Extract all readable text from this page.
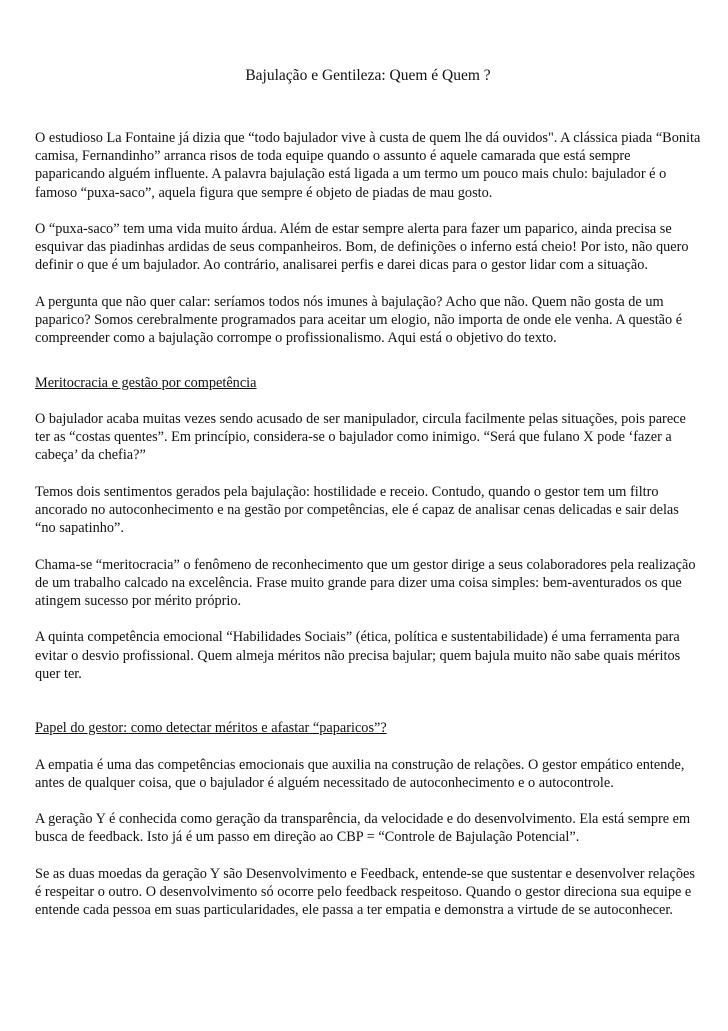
Bajulação e Gentileza: Quem é Quem ?

O estudioso La Fontaine já dizia que “todo bajulador vive à custa de quem lhe dá ouvidos". A clássica piada “Bonita camisa, Fernandinho” arranca risos de toda equipe quando o assunto é aquele camarada que está sempre paparicando alguém influente. A palavra bajulação está ligada a um termo um pouco mais chulo: bajulador é o famoso “puxa-saco”, aquela figura que sempre é objeto de piadas de mau gosto.

O “puxa-saco” tem uma vida muito árdua. Além de estar sempre alerta para fazer um paparico, ainda precisa se esquivar das piadinhas ardidas de seus companheiros. Bom, de definições o inferno está cheio! Por isto, não quero definir o que é um bajulador. Ao contrário, analisarei perfis e darei dicas para o gestor lidar com a situação.

A pergunta que não quer calar: seríamos todos nós imunes à bajulação? Acho que não. Quem não gosta de um paparico? Somos cerebralmente programados para aceitar um elogio, não importa de onde ele venha. A questão é compreender como a bajulação corrompe o profissionalismo. Aqui está o objetivo do texto.

Meritocracia e gestão por competência

O bajulador acaba muitas vezes sendo acusado de ser manipulador, circula facilmente pelas situações, pois parece ter as “costas quentes”. Em princípio, considera-se o bajulador como inimigo. “Será que fulano X pode ‘fazer a cabeça’ da chefia?”

Temos dois sentimentos gerados pela bajulação: hostilidade e receio. Contudo, quando o gestor tem um filtro ancorado no autoconhecimento e na gestão por competências, ele é capaz de analisar cenas delicadas e sair delas “no sapatinho”.

Chama-se “meritocracia” o fenômeno de reconhecimento que um gestor dirige a seus colaboradores pela realização de um trabalho calcado na excelência. Frase muito grande para dizer uma coisa simples: bem-aventurados os que atingem sucesso por mérito próprio.

A quinta competência emocional “Habilidades Sociais” (ética, política e sustentabilidade) é uma ferramenta para evitar o desvio profissional. Quem almeja méritos não precisa bajular; quem bajula muito não sabe quais méritos quer ter.

Papel do gestor: como detectar méritos e afastar “paparicos”?

A empatia é uma das competências emocionais que auxilia na construção de relações. O gestor empático entende, antes de qualquer coisa, que o bajulador é alguém necessitado de autoconhecimento e o autocontrole.

A geração Y é conhecida como geração da transparência, da velocidade e do desenvolvimento. Ela está sempre em busca de feedback. Isto já é um passo em direção ao CBP = “Controle de Bajulação Potencial”.

Se as duas moedas da geração Y são Desenvolvimento e Feedback, entende-se que sustentar e desenvolver relações é respeitar o outro. O desenvolvimento só ocorre pelo feedback respeitoso. Quando o gestor direciona sua equipe e entende cada pessoa em suas particularidades, ele passa a ter empatia e demonstra a virtude de se autoconhecer.
